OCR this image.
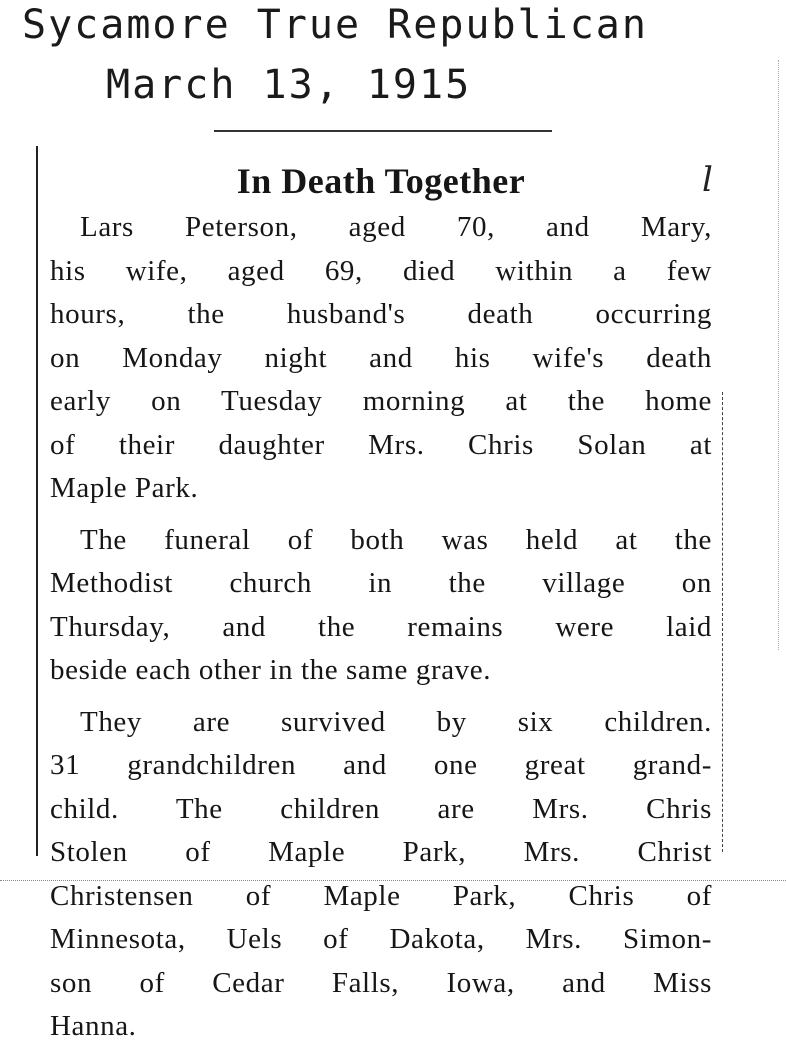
Sycamore True Republican
March 13, 1915
l
In Death Together
Lars Peterson, aged 70, and Mary,
his wife, aged 69, died within a few
hours, the husband's death occurring
on Monday night and his wife's death
early on Tuesday morning at the home
of their daughter Mrs. Chris Solan at
Maple Park.
The funeral of both was held at the
Methodist church in the village on
Thursday, and the remains were laid
beside each other in the same grave.
They are survived by six children.
31 grandchildren and one great grand-
child. The children are Mrs. Chris
Stolen of Maple Park, Mrs. Christ
Christensen of Maple Park, Chris of
Minnesota, Uels of Dakota, Mrs. Simon-
son of Cedar Falls, Iowa, and Miss
Hanna.
